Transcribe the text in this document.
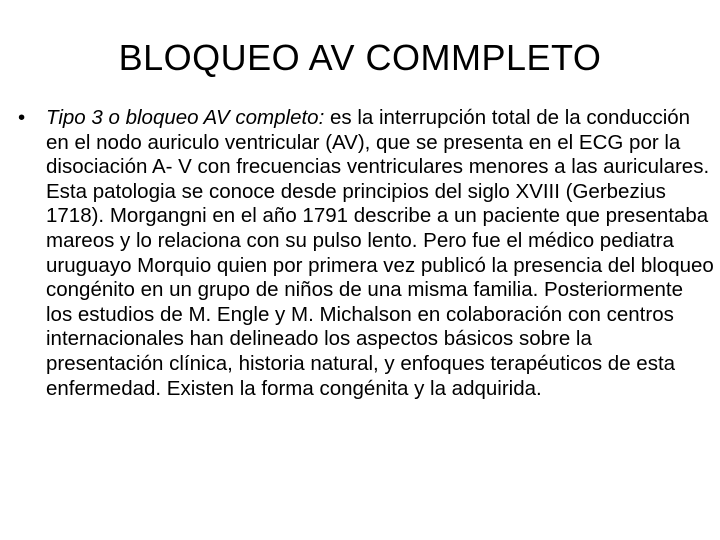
BLOQUEO AV COMMPLETO
•	Tipo 3 o bloqueo AV completo: es la interrupción total de la conducción en el nodo auriculo ventricular (AV), que se presenta en el ECG por la disociación A- V con frecuencias ventriculares menores a las auriculares. Esta patologia se conoce desde principios del siglo XVIII (Gerbezius 1718). Morgangni en el año 1791 describe a un paciente que presentaba mareos y lo relaciona con su pulso lento. Pero fue el médico pediatra uruguayo Morquio quien por primera vez publicó la presencia del bloqueo congénito en un grupo de niños de una misma familia. Posteriormente los estudios de M. Engle y M. Michalson en colaboración con centros internacionales han delineado los aspectos básicos sobre la presentación clínica, historia natural, y enfoques terapéuticos de esta enfermedad. Existen la forma congénita y la adquirida.
